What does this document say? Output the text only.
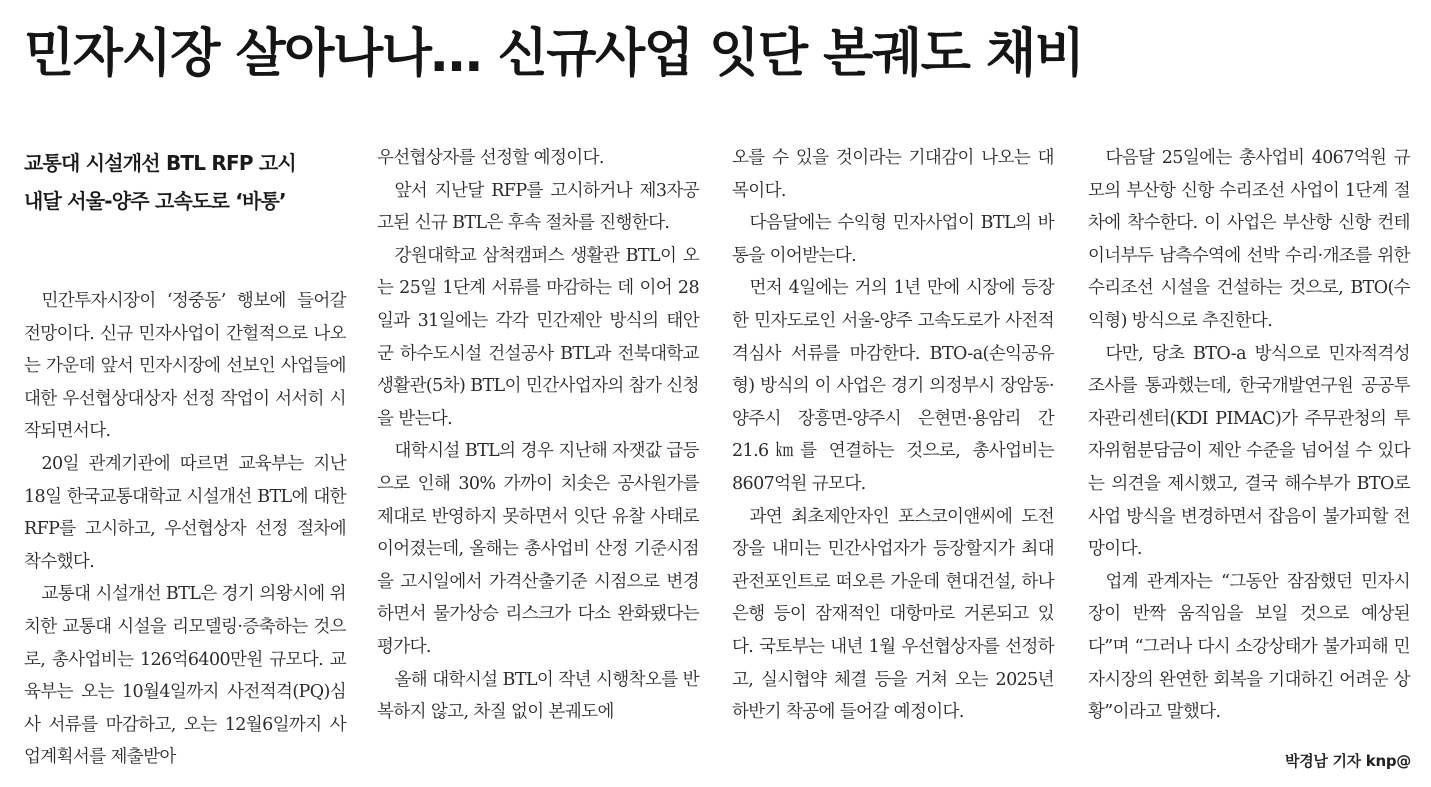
민자시장 살아나나… 신규사업 잇단 본궤도 채비
교통대 시설개선 BTL RFP 고시
내달 서울-양주 고속도로 ‘바통’

민간투자시장이 ‘정중동’ 행보에 들어갈 전망이다. 신규 민자사업이 간헐적으로 나오는 가운데 앞서 민자시장에 선보인 사업들에 대한 우선협상대상자 선정 작업이 서서히 시작되면서다.

20일 관계기관에 따르면 교육부는 지난 18일 한국교통대학교 시설개선 BTL에 대한 RFP를 고시하고, 우선협상자 선정 절차에 착수했다.

교통대 시설개선 BTL은 경기 의왕시에 위치한 교통대 시설을 리모델링·증축하는 것으로, 총사업비는 126억6400만원 규모다. 교육부는 오는 10월4일까지 사전적격(PQ)심사 서류를 마감하고, 오는 12월6일까지 사업계획서를 제출받아

우선협상자를 선정할 예정이다.

앞서 지난달 RFP를 고시하거나 제3자공고된 신규 BTL은 후속 절차를 진행한다.

강원대학교 삼척캠퍼스 생활관 BTL이 오는 25일 1단계 서류를 마감하는 데 이어 28일과 31일에는 각각 민간제안 방식의 태안군 하수도시설 건설공사 BTL과 전북대학교 생활관(5차) BTL이 민간사업자의 참가 신청을 받는다.

대학시설 BTL의 경우 지난해 자잿값 급등으로 인해 30% 가까이 치솟은 공사원가를 제대로 반영하지 못하면서 잇단 유찰 사태로 이어졌는데, 올해는 총사업비 산정 기준시점을 고시일에서 가격산출기준 시점으로 변경하면서 물가상승 리스크가 다소 완화됐다는 평가다.

올해 대학시설 BTL이 작년 시행착오를 반복하지 않고, 차질 없이 본궤도에

오를 수 있을 것이라는 기대감이 나오는 대목이다.

다음달에는 수익형 민자사업이 BTL의 바통을 이어받는다.

먼저 4일에는 거의 1년 만에 시장에 등장한 민자도로인 서울-양주 고속도로가 사전적격심사 서류를 마감한다. BTO-a(손익공유형) 방식의 이 사업은 경기 의정부시 장암동·양주시 장흥면-양주시 은현면·용암리 간 21.6㎞를 연결하는 것으로, 총사업비는 8607억원 규모다.

과연 최초제안자인 포스코이앤씨에 도전장을 내미는 민간사업자가 등장할지가 최대 관전포인트로 떠오른 가운데 현대건설, 하나은행 등이 잠재적인 대항마로 거론되고 있다. 국토부는 내년 1월 우선협상자를 선정하고, 실시협약 체결 등을 거쳐 오는 2025년 하반기 착공에 들어갈 예정이다.

다음달 25일에는 총사업비 4067억원 규모의 부산항 신항 수리조선 사업이 1단계 절차에 착수한다. 이 사업은 부산항 신항 컨테이너부두 남측수역에 선박 수리·개조를 위한 수리조선 시설을 건설하는 것으로, BTO(수익형) 방식으로 추진한다.

다만, 당초 BTO-a 방식으로 민자적격성조사를 통과했는데, 한국개발연구원 공공투자관리센터(KDI PIMAC)가 주무관청의 투자위험분담금이 제안 수준을 넘어설 수 있다는 의견을 제시했고, 결국 해수부가 BTO로 사업 방식을 변경하면서 잡음이 불가피할 전망이다.

업계 관계자는 “그동안 잠잠했던 민자시장이 반짝 움직임을 보일 것으로 예상된다”며 “그러나 다시 소강상태가 불가피해 민자시장의 완연한 회복을 기대하긴 어려운 상황”이라고 말했다.

박경남 기자 knp@
